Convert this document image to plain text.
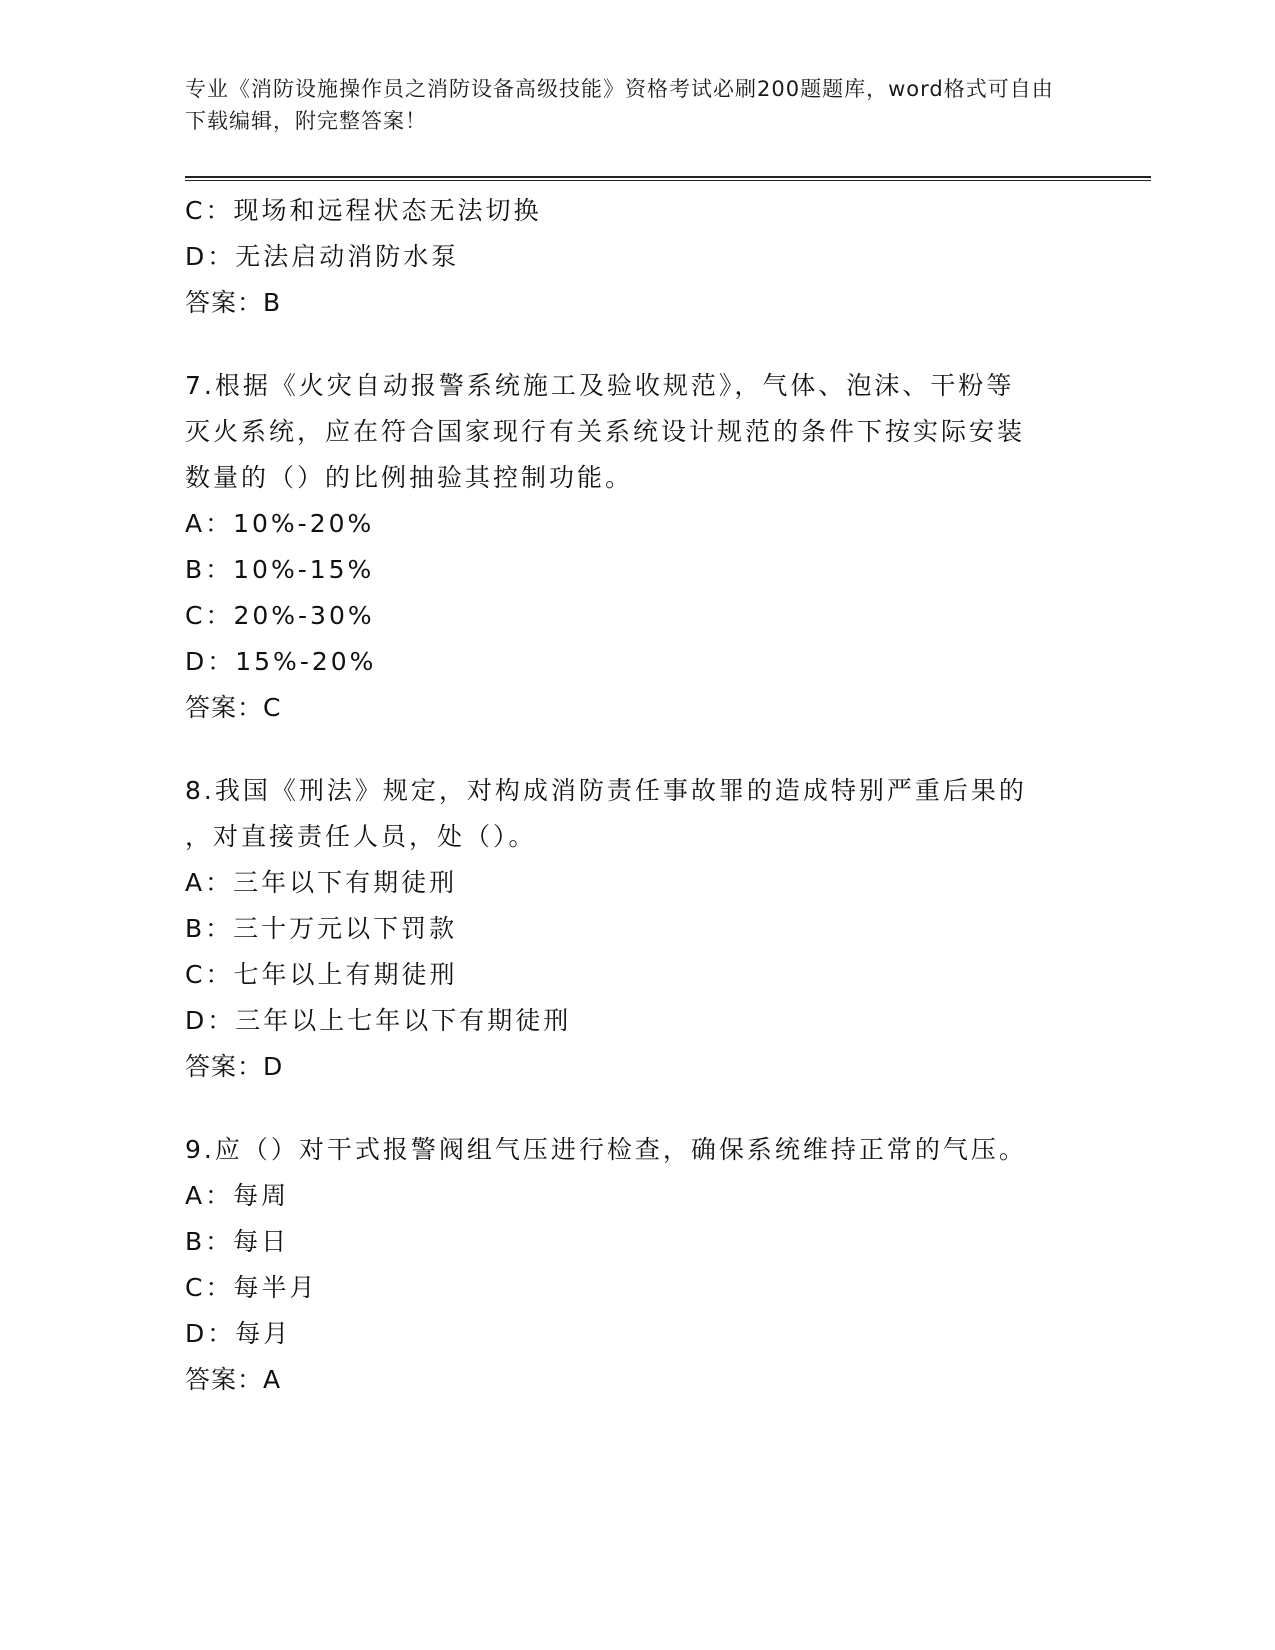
专业《消防设施操作员之消防设备高级技能》资格考试必刷200题题库，word格式可自由下载编辑，附完整答案！
C：现场和远程状态无法切换
D：无法启动消防水泵
答案：B
7.根据《火灾自动报警系统施工及验收规范》，气体、泡沫、干粉等
灭火系统，应在符合国家现行有关系统设计规范的条件下按实际安装
数量的（）的比例抽验其控制功能。
A：10%-20%
B：10%-15%
C：20%-30%
D：15%-20%
答案：C
8.我国《刑法》规定，对构成消防责任事故罪的造成特别严重后果的
，对直接责任人员，处（）。
A：三年以下有期徒刑
B：三十万元以下罚款
C：七年以上有期徒刑
D：三年以上七年以下有期徒刑
答案：D
9.应（）对干式报警阀组气压进行检查，确保系统维持正常的气压。
A：每周
B：每日
C：每半月
D：每月
答案：A
